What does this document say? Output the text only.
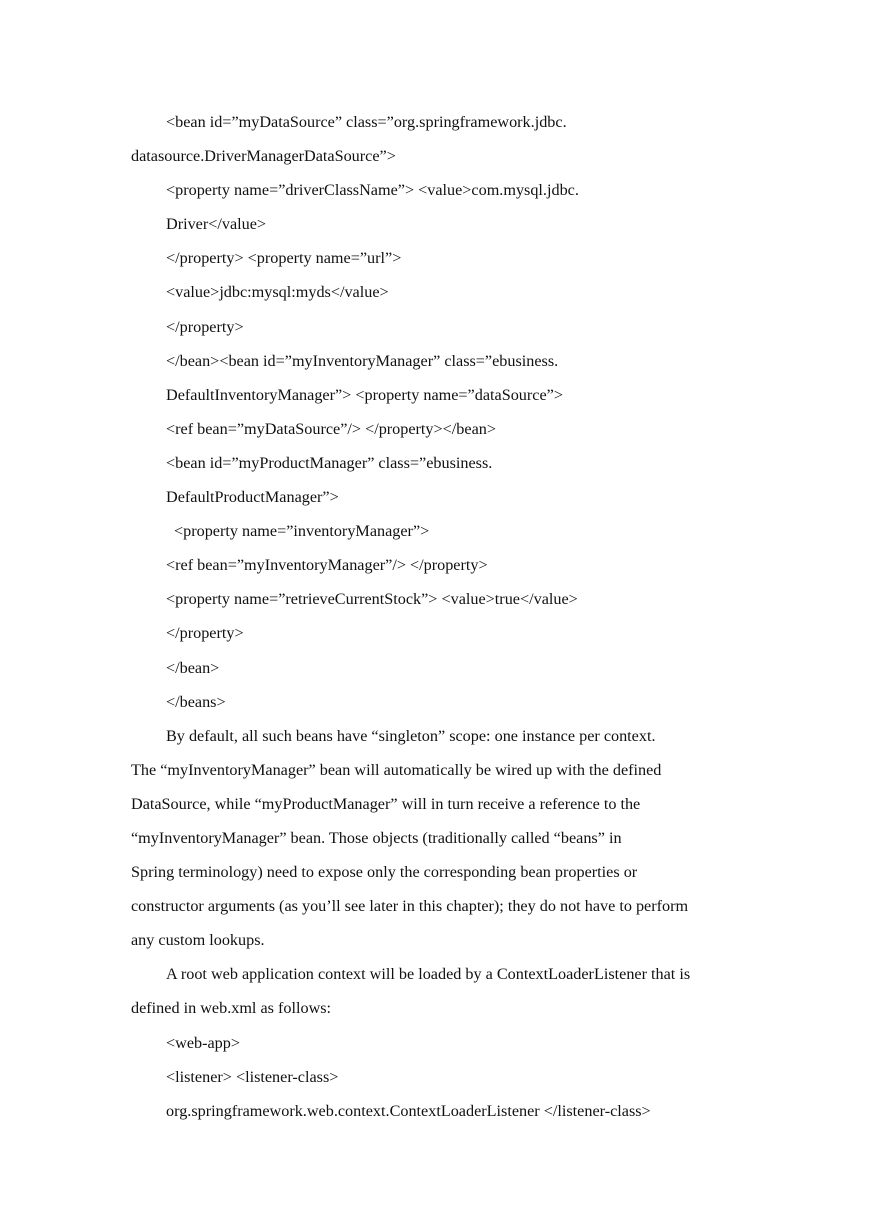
<bean id=”myDataSource” class=”org.springframework.jdbc.
datasource.DriverManagerDataSource”>
<property name=”driverClassName”> <value>com.mysql.jdbc.
Driver</value>
</property> <property name=”url”>
<value>jdbc:mysql:myds</value>
</property>
</bean><bean id=”myInventoryManager” class=”ebusiness.
DefaultInventoryManager”> <property name=”dataSource”>
<ref bean=”myDataSource”/> </property></bean>
<bean id=”myProductManager” class=”ebusiness.
DefaultProductManager”>
<property name=”inventoryManager”>
<ref bean=”myInventoryManager”/> </property>
<property name=”retrieveCurrentStock”> <value>true</value>
</property>
</bean>
</beans>
By default, all such beans have “singleton” scope: one instance per context.
The “myInventoryManager” bean will automatically be wired up with the defined
DataSource, while “myProductManager” will in turn receive a reference to the
“myInventoryManager” bean. Those objects (traditionally called “beans” in
Spring terminology) need to expose only the corresponding bean properties or
constructor arguments (as you’ll see later in this chapter); they do not have to perform
any custom lookups.
A root web application context will be loaded by a ContextLoaderListener that is
defined in web.xml as follows:
<web-app>
<listener> <listener-class>
org.springframework.web.context.ContextLoaderListener </listener-class>
